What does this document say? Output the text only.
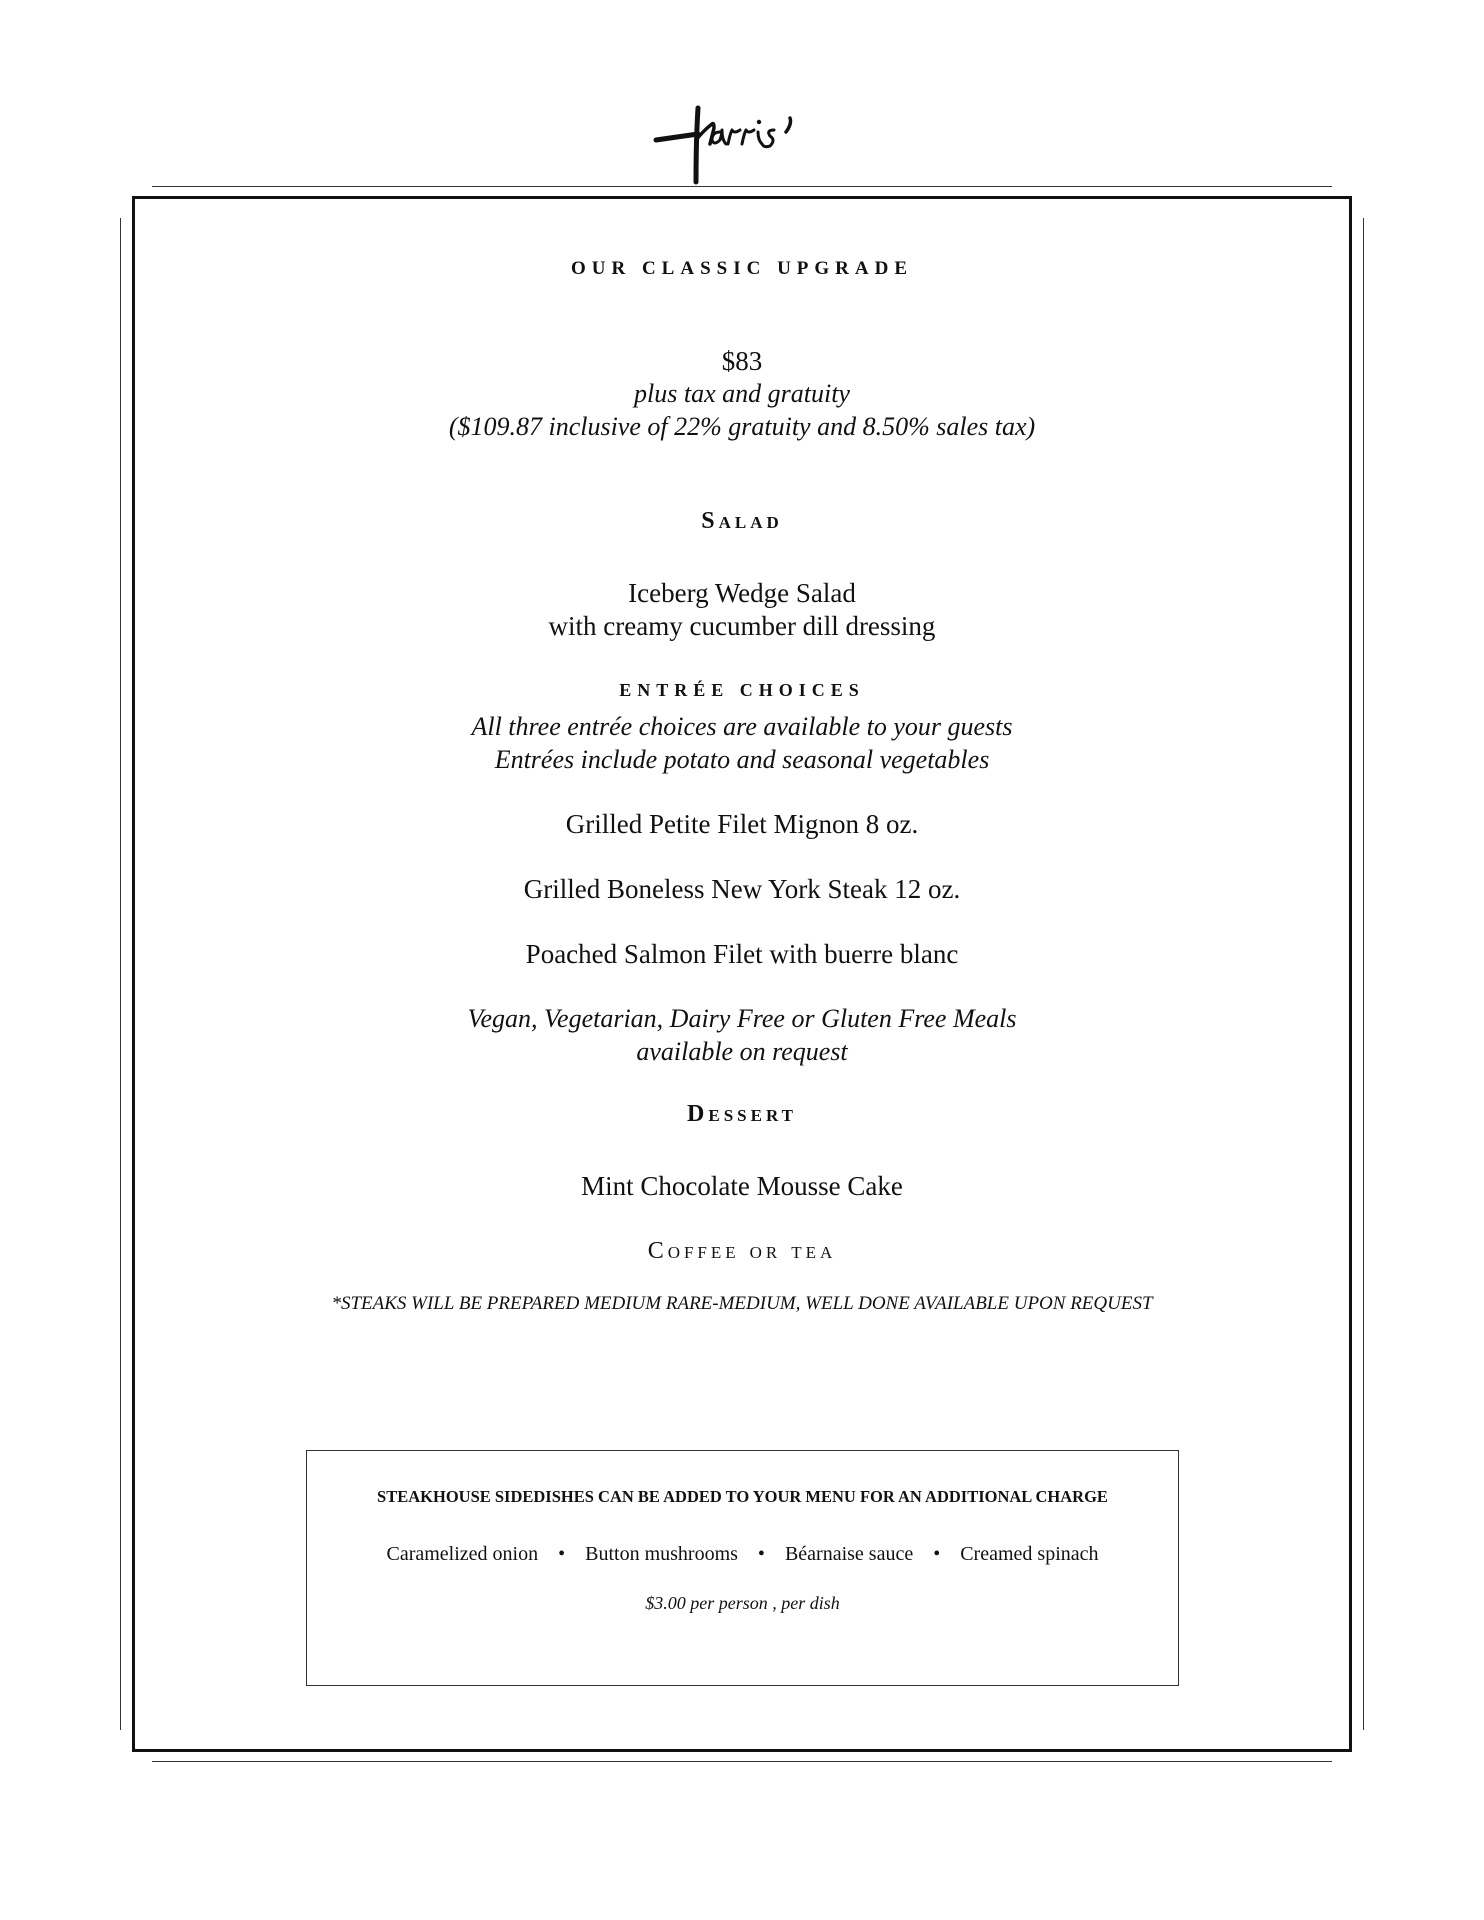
OUR CLASSIC UPGRADE
$83
plus tax and gratuity
($109.87 inclusive of 22% gratuity and 8.50% sales tax)
Salad
Iceberg Wedge Salad
with creamy cucumber dill dressing
ENTRÉE CHOICES
All three entrée choices are available to your guests
Entrées include potato and seasonal vegetables
Grilled Petite Filet Mignon 8 oz.
Grilled Boneless New York Steak 12 oz.
Poached Salmon Filet with buerre blanc
Vegan, Vegetarian, Dairy Free or Gluten Free Meals
available on request
Dessert
Mint Chocolate Mousse Cake
Coffee or tea
*STEAKS WILL BE PREPARED MEDIUM RARE-MEDIUM, WELL DONE AVAILABLE UPON REQUEST
STEAKHOUSE SIDEDISHES CAN BE ADDED TO YOUR MENU FOR AN ADDITIONAL CHARGE
Caramelized onion • Button mushrooms • Béarnaise sauce • Creamed spinach
$3.00 per person , per dish
